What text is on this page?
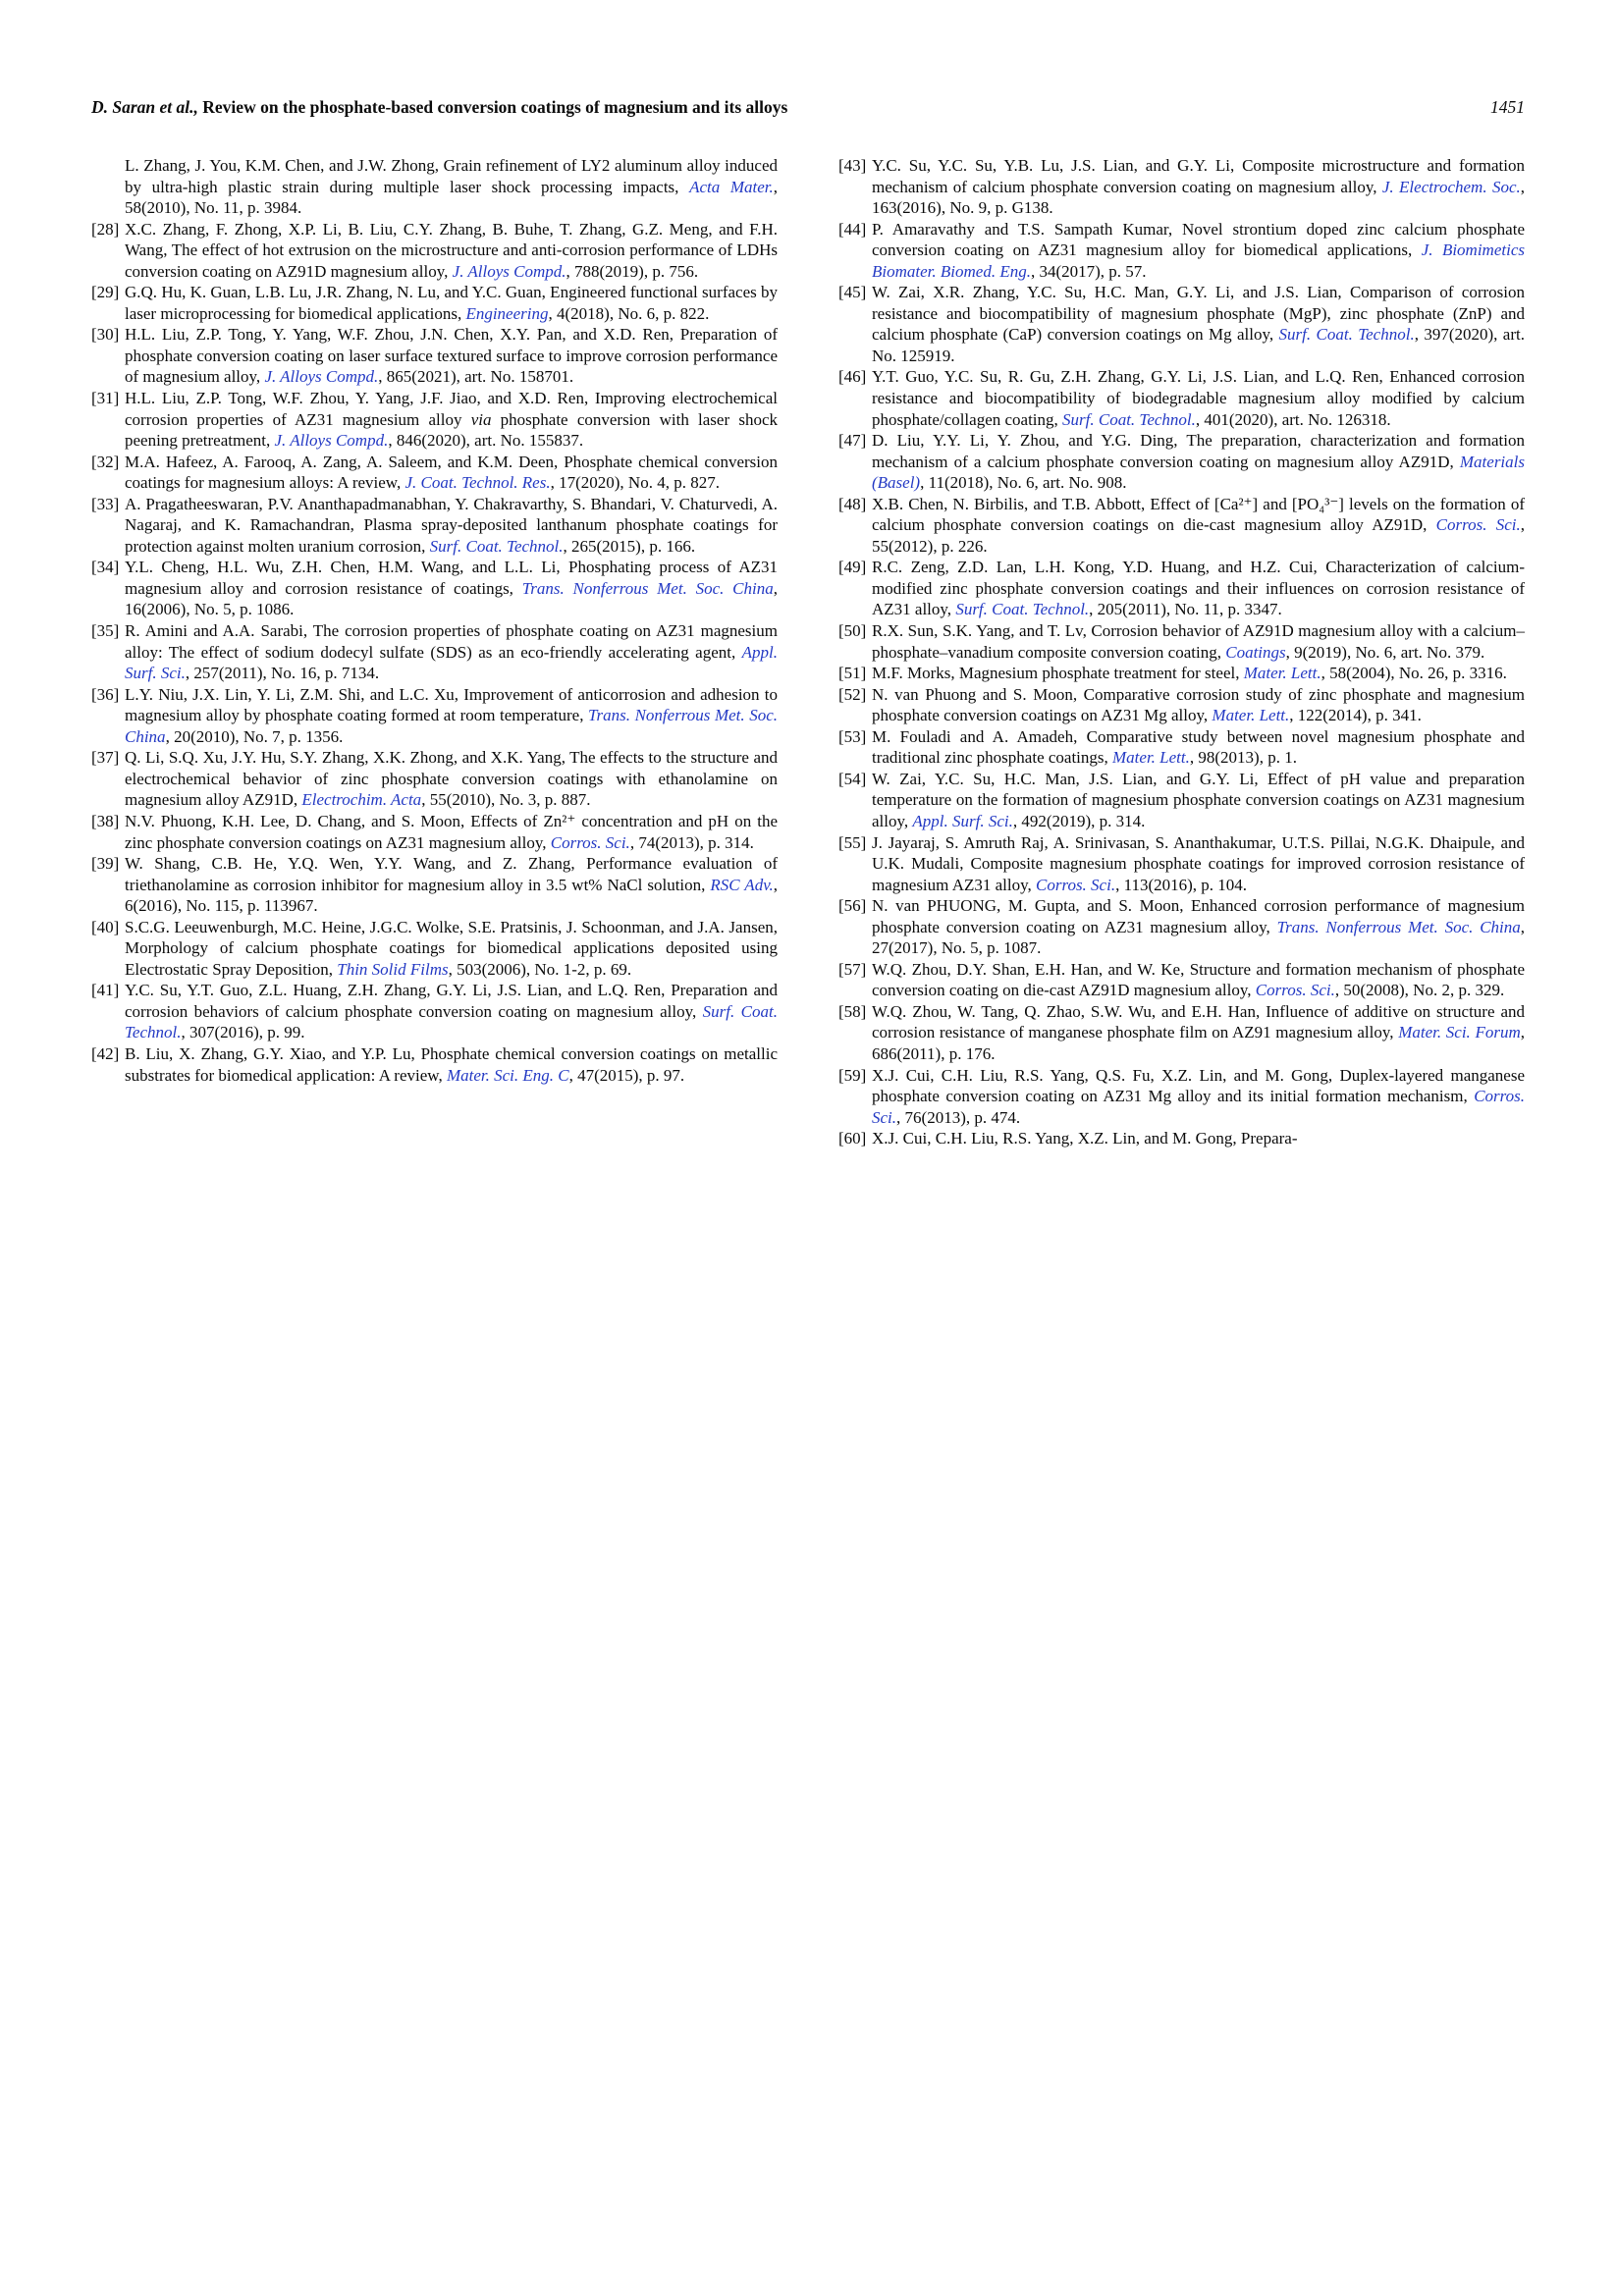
D. Saran et al., Review on the phosphate-based conversion coatings of magnesium and its alloys	1451
L. Zhang, J. You, K.M. Chen, and J.W. Zhong, Grain refinement of LY2 aluminum alloy induced by ultra-high plastic strain during multiple laser shock processing impacts, Acta Mater., 58(2010), No. 11, p. 3984.
[28] X.C. Zhang, F. Zhong, X.P. Li, B. Liu, C.Y. Zhang, B. Buhe, T. Zhang, G.Z. Meng, and F.H. Wang, The effect of hot extrusion on the microstructure and anti-corrosion performance of LDHs conversion coating on AZ91D magnesium alloy, J. Alloys Compd., 788(2019), p. 756.
[29] G.Q. Hu, K. Guan, L.B. Lu, J.R. Zhang, N. Lu, and Y.C. Guan, Engineered functional surfaces by laser microprocessing for biomedical applications, Engineering, 4(2018), No. 6, p. 822.
[30] H.L. Liu, Z.P. Tong, Y. Yang, W.F. Zhou, J.N. Chen, X.Y. Pan, and X.D. Ren, Preparation of phosphate conversion coating on laser surface textured surface to improve corrosion performance of magnesium alloy, J. Alloys Compd., 865(2021), art. No. 158701.
[31] H.L. Liu, Z.P. Tong, W.F. Zhou, Y. Yang, J.F. Jiao, and X.D. Ren, Improving electrochemical corrosion properties of AZ31 magnesium alloy via phosphate conversion with laser shock peening pretreatment, J. Alloys Compd., 846(2020), art. No. 155837.
[32] M.A. Hafeez, A. Farooq, A. Zang, A. Saleem, and K.M. Deen, Phosphate chemical conversion coatings for magnesium alloys: A review, J. Coat. Technol. Res., 17(2020), No. 4, p. 827.
[33] A. Pragatheeswaran, P.V. Ananthapadmanabhan, Y. Chakravarthy, S. Bhandari, V. Chaturvedi, A. Nagaraj, and K. Ramachandran, Plasma spray-deposited lanthanum phosphate coatings for protection against molten uranium corrosion, Surf. Coat. Technol., 265(2015), p. 166.
[34] Y.L. Cheng, H.L. Wu, Z.H. Chen, H.M. Wang, and L.L. Li, Phosphating process of AZ31 magnesium alloy and corrosion resistance of coatings, Trans. Nonferrous Met. Soc. China, 16(2006), No. 5, p. 1086.
[35] R. Amini and A.A. Sarabi, The corrosion properties of phosphate coating on AZ31 magnesium alloy: The effect of sodium dodecyl sulfate (SDS) as an eco-friendly accelerating agent, Appl. Surf. Sci., 257(2011), No. 16, p. 7134.
[36] L.Y. Niu, J.X. Lin, Y. Li, Z.M. Shi, and L.C. Xu, Improvement of anticorrosion and adhesion to magnesium alloy by phosphate coating formed at room temperature, Trans. Nonferrous Met. Soc. China, 20(2010), No. 7, p. 1356.
[37] Q. Li, S.Q. Xu, J.Y. Hu, S.Y. Zhang, X.K. Zhong, and X.K. Yang, The effects to the structure and electrochemical behavior of zinc phosphate conversion coatings with ethanolamine on magnesium alloy AZ91D, Electrochim. Acta, 55(2010), No. 3, p. 887.
[38] N.V. Phuong, K.H. Lee, D. Chang, and S. Moon, Effects of Zn²⁺ concentration and pH on the zinc phosphate conversion coatings on AZ31 magnesium alloy, Corros. Sci., 74(2013), p. 314.
[39] W. Shang, C.B. He, Y.Q. Wen, Y.Y. Wang, and Z. Zhang, Performance evaluation of triethanolamine as corrosion inhibitor for magnesium alloy in 3.5 wt% NaCl solution, RSC Adv., 6(2016), No. 115, p. 113967.
[40] S.C.G. Leeuwenburgh, M.C. Heine, J.G.C. Wolke, S.E. Pratsinis, J. Schoonman, and J.A. Jansen, Morphology of calcium phosphate coatings for biomedical applications deposited using Electrostatic Spray Deposition, Thin Solid Films, 503(2006), No. 1-2, p. 69.
[41] Y.C. Su, Y.T. Guo, Z.L. Huang, Z.H. Zhang, G.Y. Li, J.S. Lian, and L.Q. Ren, Preparation and corrosion behaviors of calcium phosphate conversion coating on magnesium alloy, Surf. Coat. Technol., 307(2016), p. 99.
[42] B. Liu, X. Zhang, G.Y. Xiao, and Y.P. Lu, Phosphate chemical conversion coatings on metallic substrates for biomedical application: A review, Mater. Sci. Eng. C, 47(2015), p. 97.
[43] Y.C. Su, Y.C. Su, Y.B. Lu, J.S. Lian, and G.Y. Li, Composite microstructure and formation mechanism of calcium phosphate conversion coating on magnesium alloy, J. Electrochem. Soc., 163(2016), No. 9, p. G138.
[44] P. Amaravathy and T.S. Sampath Kumar, Novel strontium doped zinc calcium phosphate conversion coating on AZ31 magnesium alloy for biomedical applications, J. Biomimetics Biomater. Biomed. Eng., 34(2017), p. 57.
[45] W. Zai, X.R. Zhang, Y.C. Su, H.C. Man, G.Y. Li, and J.S. Lian, Comparison of corrosion resistance and biocompatibility of magnesium phosphate (MgP), zinc phosphate (ZnP) and calcium phosphate (CaP) conversion coatings on Mg alloy, Surf. Coat. Technol., 397(2020), art. No. 125919.
[46] Y.T. Guo, Y.C. Su, R. Gu, Z.H. Zhang, G.Y. Li, J.S. Lian, and L.Q. Ren, Enhanced corrosion resistance and biocompatibility of biodegradable magnesium alloy modified by calcium phosphate/collagen coating, Surf. Coat. Technol., 401(2020), art. No. 126318.
[47] D. Liu, Y.Y. Li, Y. Zhou, and Y.G. Ding, The preparation, characterization and formation mechanism of a calcium phosphate conversion coating on magnesium alloy AZ91D, Materials (Basel), 11(2018), No. 6, art. No. 908.
[48] X.B. Chen, N. Birbilis, and T.B. Abbott, Effect of [Ca²⁺] and [PO₄³⁻] levels on the formation of calcium phosphate conversion coatings on die-cast magnesium alloy AZ91D, Corros. Sci., 55(2012), p. 226.
[49] R.C. Zeng, Z.D. Lan, L.H. Kong, Y.D. Huang, and H.Z. Cui, Characterization of calcium-modified zinc phosphate conversion coatings and their influences on corrosion resistance of AZ31 alloy, Surf. Coat. Technol., 205(2011), No. 11, p. 3347.
[50] R.X. Sun, S.K. Yang, and T. Lv, Corrosion behavior of AZ91D magnesium alloy with a calcium–phosphate–vanadium composite conversion coating, Coatings, 9(2019), No. 6, art. No. 379.
[51] M.F. Morks, Magnesium phosphate treatment for steel, Mater. Lett., 58(2004), No. 26, p. 3316.
[52] N. van Phuong and S. Moon, Comparative corrosion study of zinc phosphate and magnesium phosphate conversion coatings on AZ31 Mg alloy, Mater. Lett., 122(2014), p. 341.
[53] M. Fouladi and A. Amadeh, Comparative study between novel magnesium phosphate and traditional zinc phosphate coatings, Mater. Lett., 98(2013), p. 1.
[54] W. Zai, Y.C. Su, H.C. Man, J.S. Lian, and G.Y. Li, Effect of pH value and preparation temperature on the formation of magnesium phosphate conversion coatings on AZ31 magnesium alloy, Appl. Surf. Sci., 492(2019), p. 314.
[55] J. Jayaraj, S. Amruth Raj, A. Srinivasan, S. Ananthakumar, U.T.S. Pillai, N.G.K. Dhaipule, and U.K. Mudali, Composite magnesium phosphate coatings for improved corrosion resistance of magnesium AZ31 alloy, Corros. Sci., 113(2016), p. 104.
[56] N. van PHUONG, M. Gupta, and S. Moon, Enhanced corrosion performance of magnesium phosphate conversion coating on AZ31 magnesium alloy, Trans. Nonferrous Met. Soc. China, 27(2017), No. 5, p. 1087.
[57] W.Q. Zhou, D.Y. Shan, E.H. Han, and W. Ke, Structure and formation mechanism of phosphate conversion coating on die-cast AZ91D magnesium alloy, Corros. Sci., 50(2008), No. 2, p. 329.
[58] W.Q. Zhou, W. Tang, Q. Zhao, S.W. Wu, and E.H. Han, Influence of additive on structure and corrosion resistance of manganese phosphate film on AZ91 magnesium alloy, Mater. Sci. Forum, 686(2011), p. 176.
[59] X.J. Cui, C.H. Liu, R.S. Yang, Q.S. Fu, X.Z. Lin, and M. Gong, Duplex-layered manganese phosphate conversion coating on AZ31 Mg alloy and its initial formation mechanism, Corros. Sci., 76(2013), p. 474.
[60] X.J. Cui, C.H. Liu, R.S. Yang, X.Z. Lin, and M. Gong, Prepara-
